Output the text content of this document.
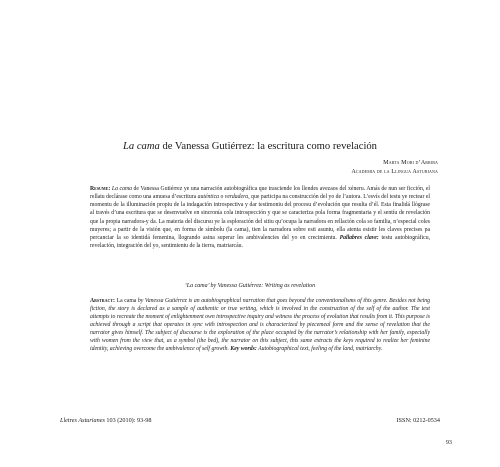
La cama de Vanessa Gutiérrez: la escritura como revelación
Marta Mori d’Arriba
Academia de la Llingua Asturiana
Resume: La cama de Vanessa Gutiérrez ye una narración autobiográfica que trasciende los llendes avezaos del xéneru. Amás de nun ser ficción, el rellatu declárase como una amuesa d’escritura auténtica o verdadera, que participa na construcción del yo de l’autora. L’esvís del testu ye rectear el momentu de la illuminación propiu de la indagación introspectiva y dar testimoniu del procesu d’evolución que resulta d’él. Esta finalidá llógrase al través d’una escritura que se desenvuelve en sincronía cola introspección y que se caracteriza pola forma fragmentaria y el sentíu de revelación que la propia narradora-y da. La materia del discursu ye la esploración del sitiu qu’ocupa la narradora en rellación cola so familia, n’especial coles muyeres; a partir de la visión que, en forma de símbolu (la cama), tien la narradora sobre esti asuntu, ella atenta esistir les claves precises pa percanciar la so identidá femenina, llogrando asina superar les ambivalencies del yo en crecimientu. Pallabres clave: testu autobiográficu, revelación, integración del yo, sentimientu de la tierra, matriarcáu.
‘La cama’ by Vanessa Gutiérrez: Writing as revelation
Abstract: La cama by Vanessa Gutiérrez is an autobiographical narration that goes beyond the conventionalisms of this genre. Besides not being fiction, the story is declared as a sample of authentic or true writing, which is involved in the construction of the self of the author. The text attempts to recreate the moment of enlightenment own introspective inquiry and witness the process of evolution that results from it. This purpose is achieved through a script that operates in sync with introspection and is characterized by piecemeal form and the sense of revelation that the narrator gives himself. The subject of discourse is the exploration of the place occupied by the narrator’s relationship with her family, especially with women from the view that, as a symbol (the bed), the narrator on this subject, this same extracts the keys required to realize her feminine identity, achieving overcome the ambivalence of self growth. Key words: Autobiographical text, feeling of the land, matriarchy.
Lletres Asturianes 103 (2010): 93-98	ISSN: 0212-0534
93
